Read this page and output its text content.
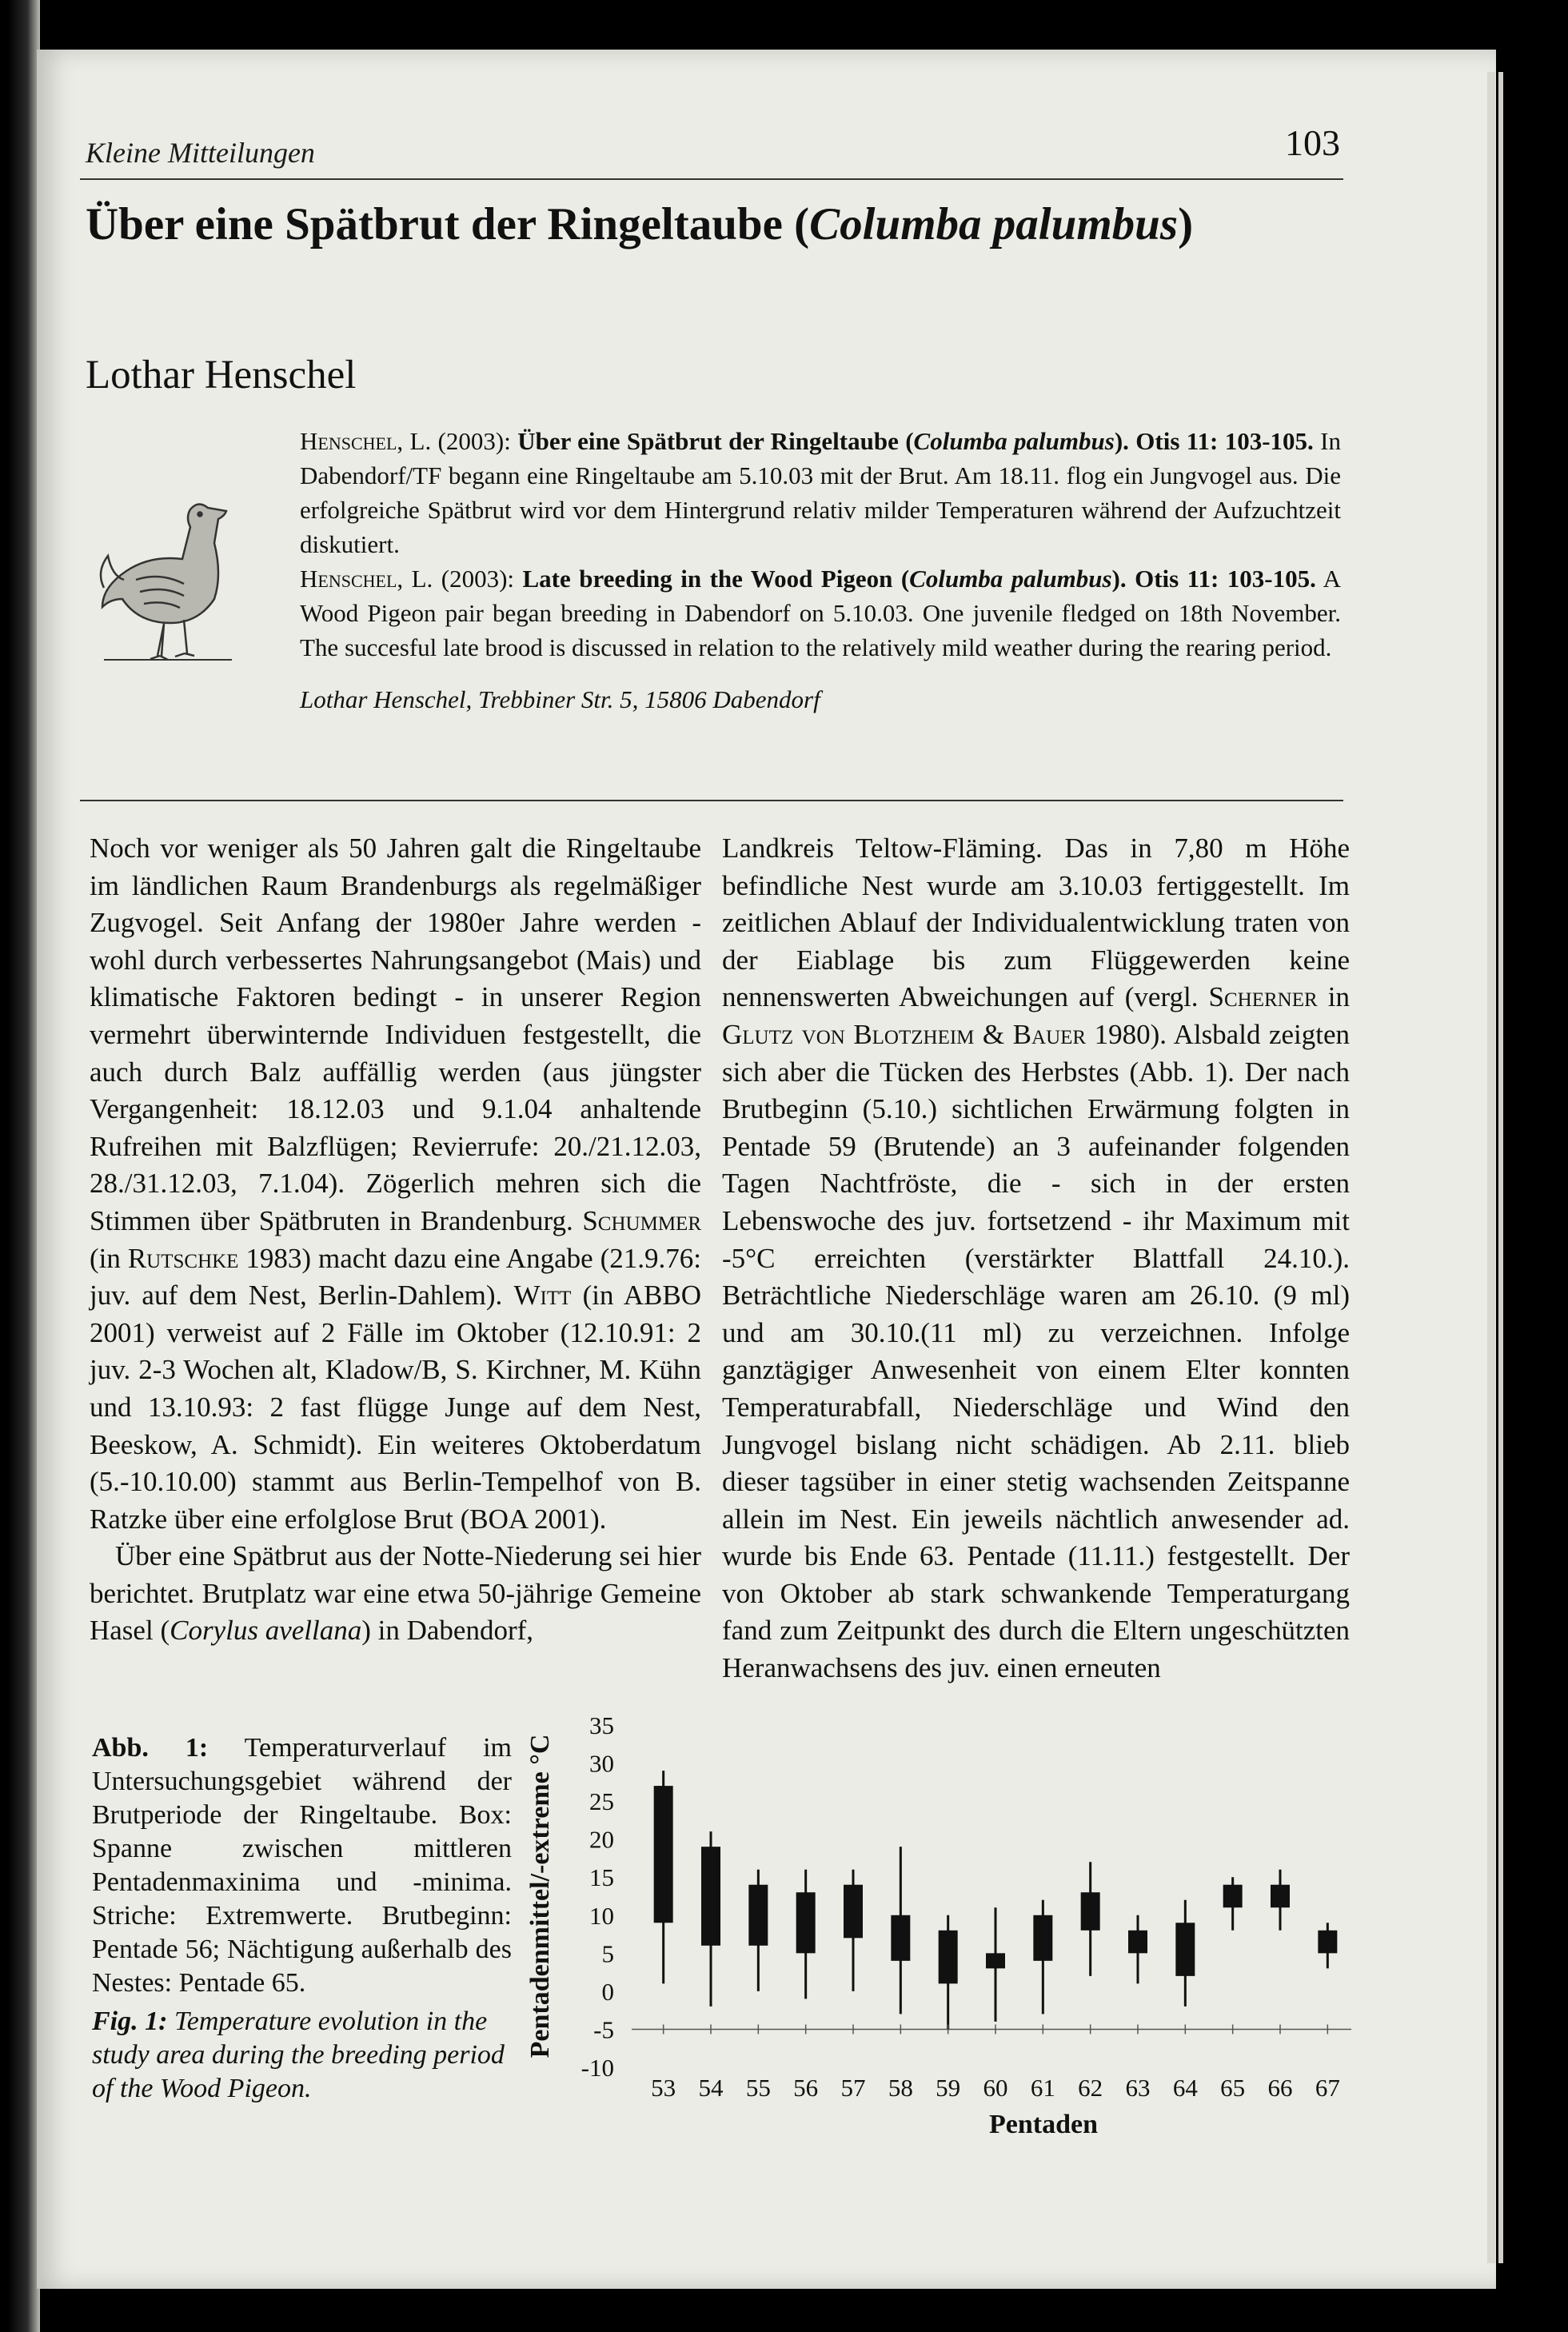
Kleine Mitteilungen	103
Über eine Spätbrut der Ringeltaube (Columba palumbus)
Lothar Henschel

Henschel, L. (2003): Über eine Spätbrut der Ringeltaube (Columba palumbus). Otis 11: 103-105. In Dabendorf/TF begann eine Ringeltaube am 5.10.03 mit der Brut. Am 18.11. flog ein Jungvogel aus. Die erfolgreiche Spätbrut wird vor dem Hintergrund relativ milder Temperaturen während der Aufzuchtzeit diskutiert.

Henschel, L. (2003): Late breeding in the Wood Pigeon (Columba palumbus). Otis 11: 103-105. A Wood Pigeon pair began breeding in Dabendorf on 5.10.03. One juvenile fledged on 18th November. The succesful late brood is discussed in relation to the relatively mild weather during the rearing period.

Lothar Henschel, Trebbiner Str. 5, 15806 Dabendorf

Noch vor weniger als 50 Jahren galt die Ringeltaube im ländlichen Raum Brandenburgs als regelmäßiger Zugvogel. Seit Anfang der 1980er Jahre werden - wohl durch verbessertes Nahrungsangebot (Mais) und klimatische Faktoren bedingt - in unserer Region vermehrt überwinternde Individuen festgestellt, die auch durch Balz auffällig werden (aus jüngster Vergangenheit: 18.12.03 und 9.1.04 anhaltende Rufreihen mit Balzflügen; Revierrufe: 20./21.12.03, 28./31.12.03, 7.1.04). Zögerlich mehren sich die Stimmen über Spätbruten in Brandenburg. Schummer (in Rutschke 1983) macht dazu eine Angabe (21.9.76: juv. auf dem Nest, Berlin-Dahlem). Witt (in ABBO 2001) verweist auf 2 Fälle im Oktober (12.10.91: 2 juv. 2-3 Wochen alt, Kladow/B, S. Kirchner, M. Kühn und 13.10.93: 2 fast flügge Junge auf dem Nest, Beeskow, A. Schmidt). Ein weiteres Oktoberdatum (5.-10.10.00) stammt aus Berlin-Tempelhof von B. Ratzke über eine erfolglose Brut (BOA 2001).

Über eine Spätbrut aus der Notte-Niederung sei hier berichtet. Brutplatz war eine etwa 50-jährige Gemeine Hasel (Corylus avellana) in Dabendorf,

Landkreis Teltow-Fläming. Das in 7,80 m Höhe befindliche Nest wurde am 3.10.03 fertiggestellt. Im zeitlichen Ablauf der Individualentwicklung traten von der Eiablage bis zum Flüggewerden keine nennenswerten Abweichungen auf (vergl. Scherner in Glutz von Blotzheim & Bauer 1980). Alsbald zeigten sich aber die Tücken des Herbstes (Abb. 1). Der nach Brutbeginn (5.10.) sichtlichen Erwärmung folgten in Pentade 59 (Brutende) an 3 aufeinander folgenden Tagen Nachtfröste, die - sich in der ersten Lebenswoche des juv. fortsetzend - ihr Maximum mit -5°C erreichten (verstärkter Blattfall 24.10.). Beträchtliche Niederschläge waren am 26.10. (9 ml) und am 30.10.(11 ml) zu verzeichnen. Infolge ganztägiger Anwesenheit von einem Elter konnten Temperaturabfall, Niederschläge und Wind den Jungvogel bislang nicht schädigen. Ab 2.11. blieb dieser tagsüber in einer stetig wachsenden Zeitspanne allein im Nest. Ein jeweils nächtlich anwesender ad. wurde bis Ende 63. Pentade (11.11.) festgestellt. Der von Oktober ab stark schwankende Temperaturgang fand zum Zeitpunkt des durch die Eltern ungeschützten Heranwachsens des juv. einen erneuten

Abb. 1: Temperaturverlauf im Untersuchungsgebiet während der Brutperiode der Ringeltaube. Box: Spanne zwischen mittleren Pentadenmaxinima und -minima. Striche: Extremwerte. Brutbeginn: Pentade 56; Nächtigung außerhalb des Nestes: Pentade 65.

Fig. 1: Temperature evolution in the study area during the breeding period of the Wood Pigeon.

35
30
25
20
15
10
5
0
-5
-10
Pentadenmittel/-extreme °C
53 54 55 56 57 58 59 60 61 62 63 64 65 66 67
Pentaden
